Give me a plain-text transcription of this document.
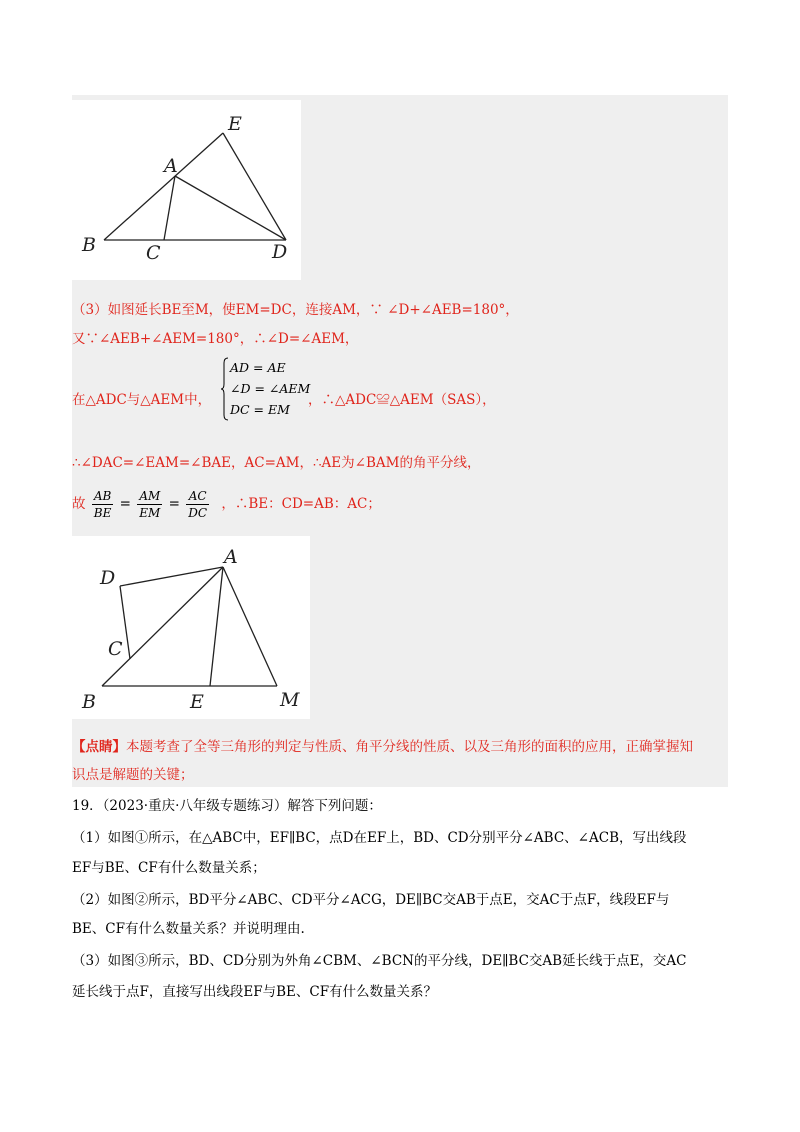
E
A
B	C	D
（3）如图延长BE至M，使EM=DC，连接AM，∵ ∠D+∠AEB=180°，
又∵∠AEB+∠AEM=180°，∴∠D=∠AEM，
在△ADC与△AEM中，
AD = AE
∠D = ∠AEM
DC = EM
，∴△ADC≌△AEM（SAS），
∴∠DAC=∠EAM=∠BAE，AC=AM，∴AE为∠BAM的角平分线，
故 $\frac{AB}{BE} = \frac{AM}{EM} = \frac{AC}{DC}$ ，∴BE：CD=AB：AC；
A
D
C
B	E	M
【点睛】本题考查了全等三角形的判定与性质、角平分线的性质、以及三角形的面积的应用，正确掌握知
识点是解题的关键；
19．（2023·重庆·八年级专题练习）解答下列问题：
（1）如图①所示，在△ABC中，EF∥BC，点D在EF上，BD、CD分别平分∠ABC、∠ACB，写出线段
EF与BE、CF有什么数量关系；
（2）如图②所示，BD平分∠ABC、CD平分∠ACG，DE∥BC交AB于点E，交AC于点F，线段EF与
BE、CF有什么数量关系？并说明理由.
（3）如图③所示，BD、CD分别为外角∠CBM、∠BCN的平分线，DE∥BC交AB延长线于点E，交AC
延长线于点F，直接写出线段EF与BE、CF有什么数量关系？
